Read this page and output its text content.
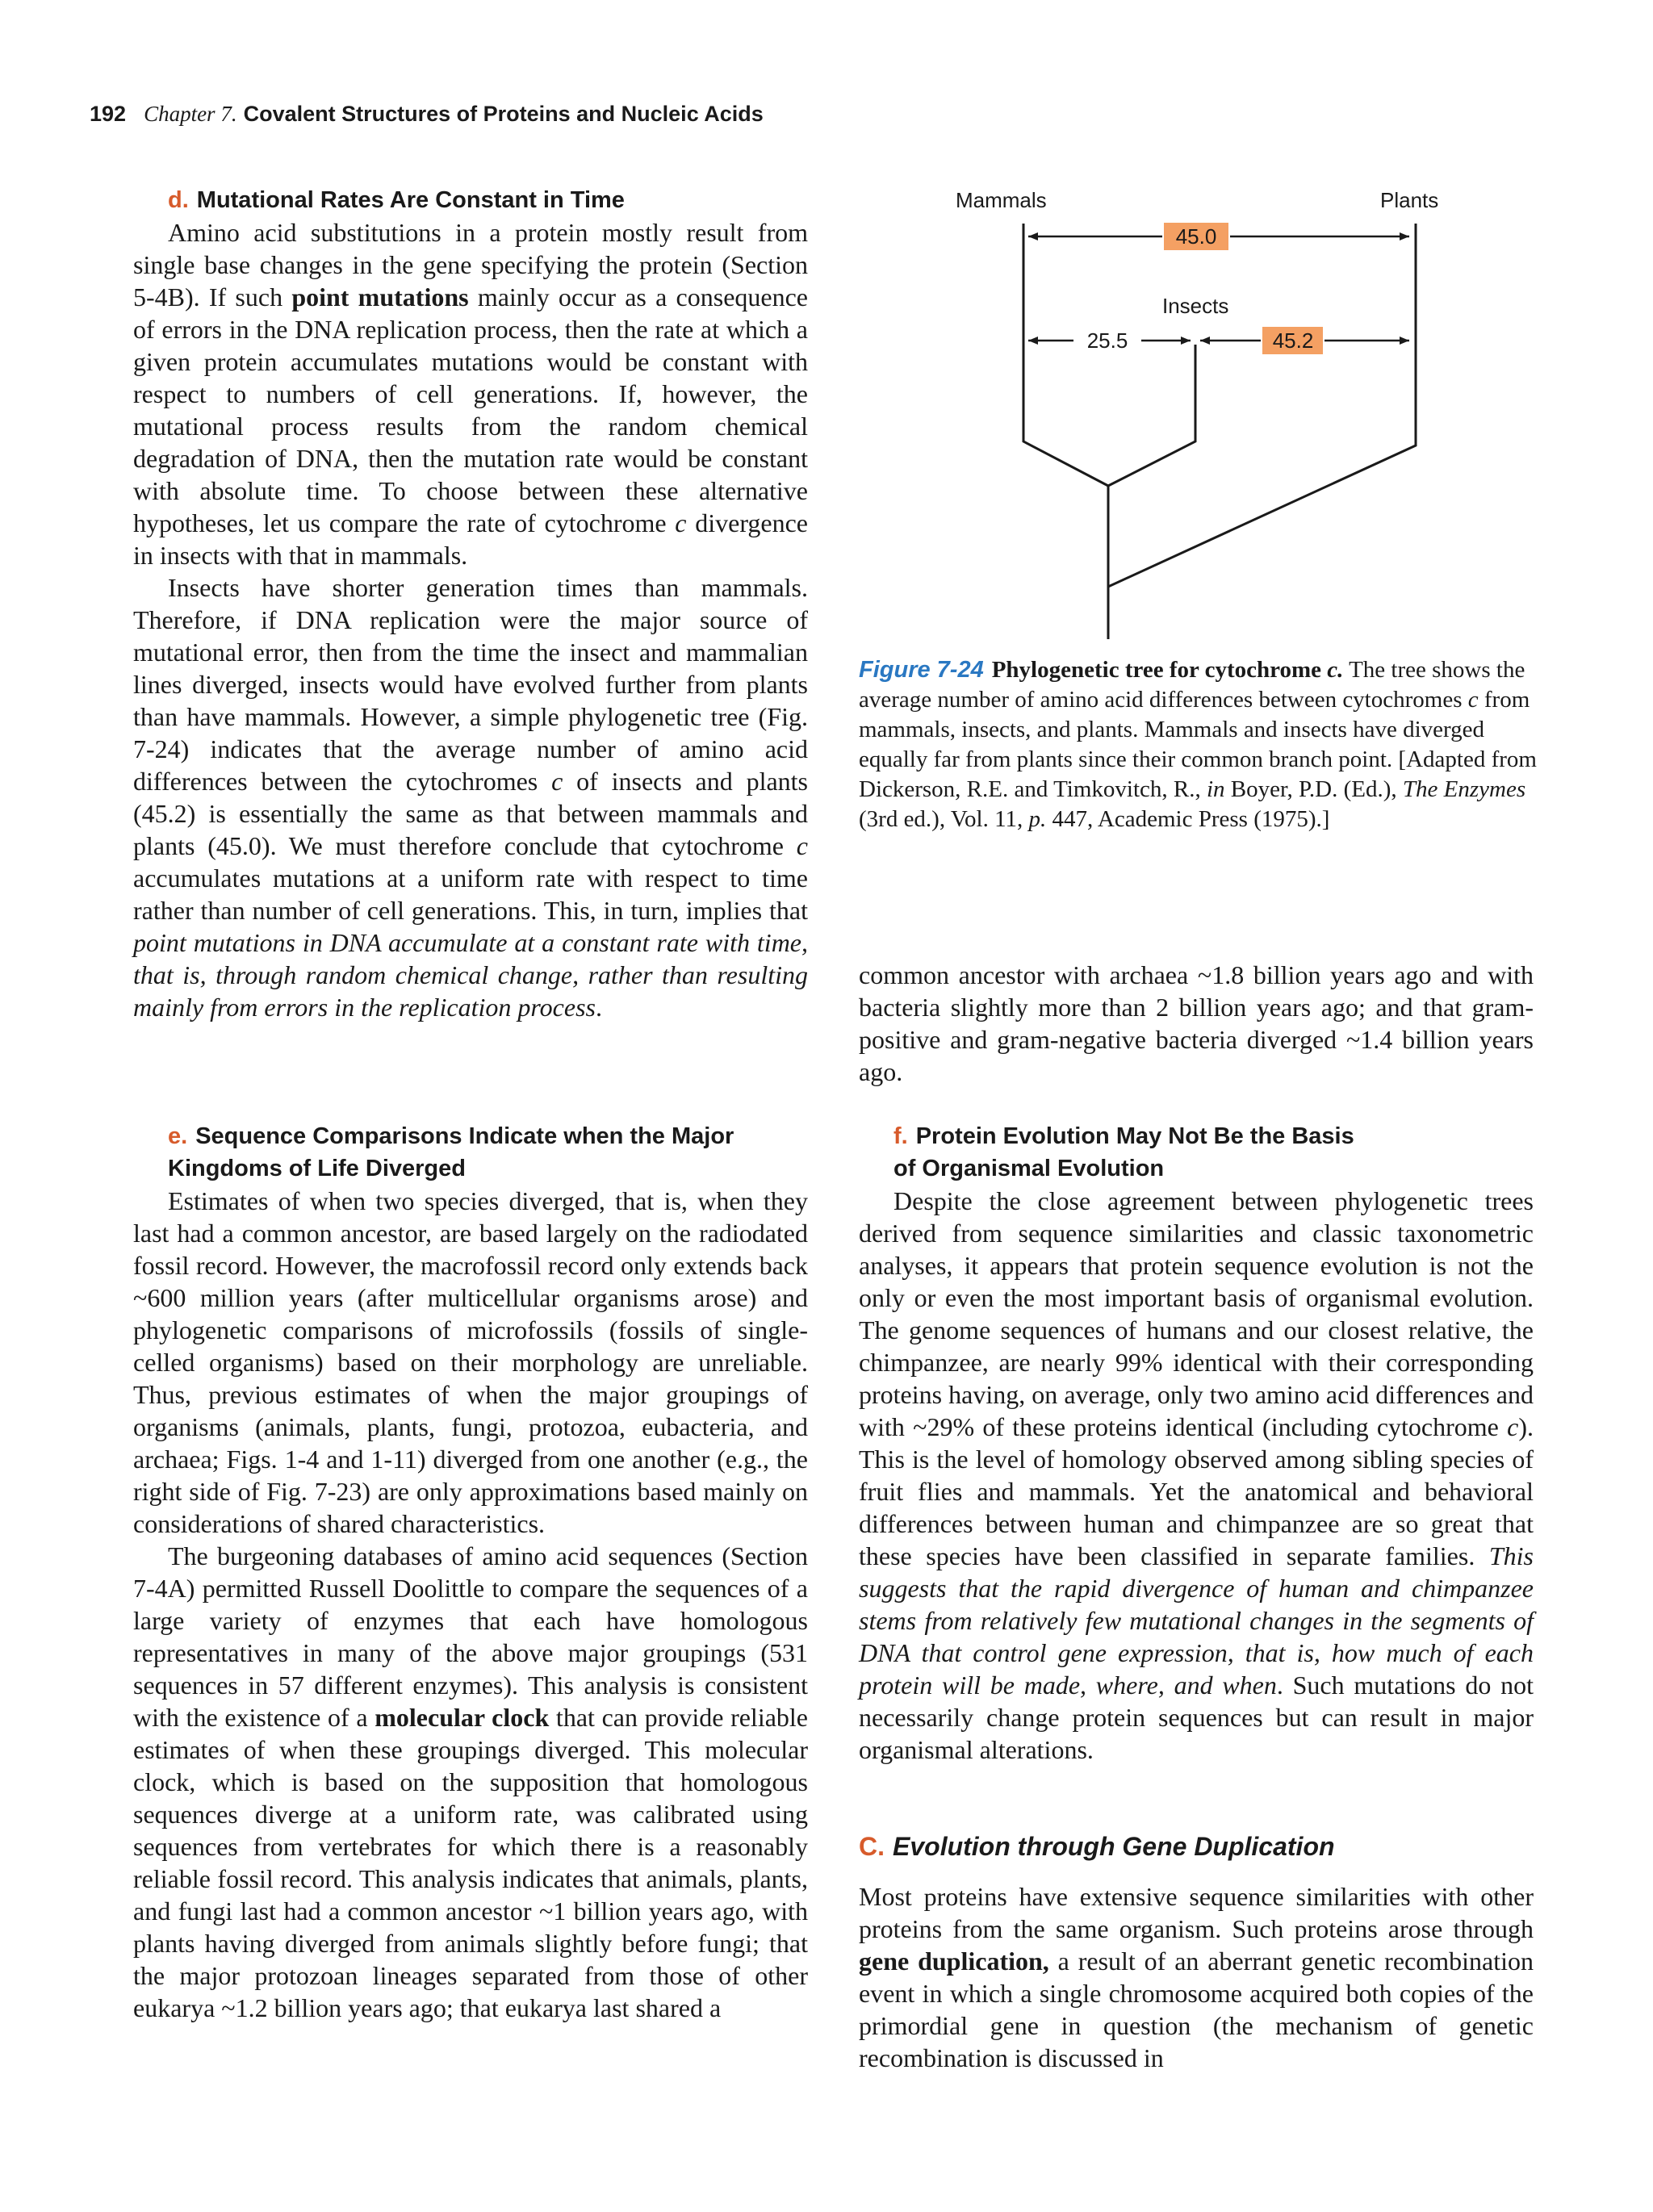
192 Chapter 7. Covalent Structures of Proteins and Nucleic Acids
d. Mutational Rates Are Constant in Time

Amino acid substitutions in a protein mostly result from single base changes in the gene specifying the protein (Section 5-4B). If such point mutations mainly occur as a consequence of errors in the DNA replication process, then the rate at which a given protein accumulates mutations would be constant with respect to numbers of cell generations. If, however, the mutational process results from the random chemical degradation of DNA, then the mutation rate would be constant with absolute time. To choose between these alternative hypotheses, let us compare the rate of cytochrome c divergence in insects with that in mammals.

Insects have shorter generation times than mammals. Therefore, if DNA replication were the major source of mutational error, then from the time the insect and mammalian lines diverged, insects would have evolved further from plants than have mammals. However, a simple phylogenetic tree (Fig. 7-24) indicates that the average number of amino acid differences between the cytochromes c of insects and plants (45.2) is essentially the same as that between mammals and plants (45.0). We must therefore conclude that cytochrome c accumulates mutations at a uniform rate with respect to time rather than number of cell generations. This, in turn, implies that point mutations in DNA accumulate at a constant rate with time, that is, through random chemical change, rather than resulting mainly from errors in the replication process.

e. Sequence Comparisons Indicate when the Major
Kingdoms of Life Diverged

Estimates of when two species diverged, that is, when they last had a common ancestor, are based largely on the radiodated fossil record. However, the macrofossil record only extends back ~600 million years (after multicellular organisms arose) and phylogenetic comparisons of microfossils (fossils of single-celled organisms) based on their morphology are unreliable. Thus, previous estimates of when the major groupings of organisms (animals, plants, fungi, protozoa, eubacteria, and archaea; Figs. 1-4 and 1-11) diverged from one another (e.g., the right side of Fig. 7-23) are only approximations based mainly on considerations of shared characteristics.

The burgeoning databases of amino acid sequences (Section 7-4A) permitted Russell Doolittle to compare the sequences of a large variety of enzymes that each have homologous representatives in many of the above major groupings (531 sequences in 57 different enzymes). This analysis is consistent with the existence of a molecular clock that can provide reliable estimates of when these groupings diverged. This molecular clock, which is based on the supposition that homologous sequences diverge at a uniform rate, was calibrated using sequences from vertebrates for which there is a reasonably reliable fossil record. This analysis indicates that animals, plants, and fungi last had a common ancestor ~1 billion years ago, with plants having diverged from animals slightly before fungi; that the major protozoan lineages separated from those of other eukarya ~1.2 billion years ago; that eukarya last shared a

Mammals	Plants
Insects
45.0
25.5	45.2
Figure 7-24 Phylogenetic tree for cytochrome c. The tree shows the average number of amino acid differences between cytochromes c from mammals, insects, and plants. Mammals and insects have diverged equally far from plants since their common branch point. [Adapted from Dickerson, R.E. and Timkovitch, R., in Boyer, P.D. (Ed.), The Enzymes (3rd ed.), Vol. 11, p. 447, Academic Press (1975).]

common ancestor with archaea ~1.8 billion years ago and with bacteria slightly more than 2 billion years ago; and that gram-positive and gram-negative bacteria diverged ~1.4 billion years ago.

f. Protein Evolution May Not Be the Basis
of Organismal Evolution

Despite the close agreement between phylogenetic trees derived from sequence similarities and classic taxonometric analyses, it appears that protein sequence evolution is not the only or even the most important basis of organismal evolution. The genome sequences of humans and our closest relative, the chimpanzee, are nearly 99% identical with their corresponding proteins having, on average, only two amino acid differences and with ~29% of these proteins identical (including cytochrome c). This is the level of homology observed among sibling species of fruit flies and mammals. Yet the anatomical and behavioral differences between human and chimpanzee are so great that these species have been classified in separate families. This suggests that the rapid divergence of human and chimpanzee stems from relatively few mutational changes in the segments of DNA that control gene expression, that is, how much of each protein will be made, where, and when. Such mutations do not necessarily change protein sequences but can result in major organismal alterations.

C. Evolution through Gene Duplication

Most proteins have extensive sequence similarities with other proteins from the same organism. Such proteins arose through gene duplication, a result of an aberrant genetic recombination event in which a single chromosome acquired both copies of the primordial gene in question (the mechanism of genetic recombination is discussed in
